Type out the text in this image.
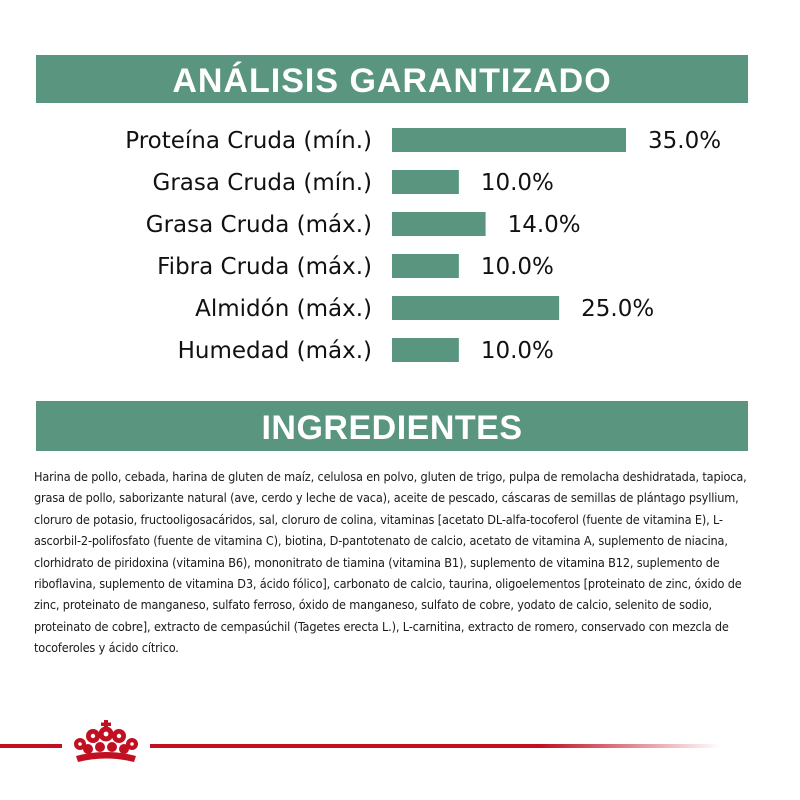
ANÁLISIS GARANTIZADO
Proteína Cruda (mín.)	35.0%
Grasa Cruda (mín.)	10.0%
Grasa Cruda (máx.)	14.0%
Fibra Cruda (máx.)	10.0%
Almidón (máx.)	25.0%
Humedad (máx.)	10.0%
INGREDIENTES
Harina de pollo, cebada, harina de gluten de maíz, celulosa en polvo, gluten de trigo, pulpa de remolacha deshidratada, tapioca, grasa de pollo, saborizante natural (ave, cerdo y leche de vaca), aceite de pescado, cáscaras de semillas de plántago psyllium, cloruro de potasio, fructooligosacáridos, sal, cloruro de colina, vitaminas [acetato DL-alfa-tocoferol (fuente de vitamina E), L-ascorbil-2-polifosfato (fuente de vitamina C), biotina, D-pantotenato de calcio, acetato de vitamina A, suplemento de niacina, clorhidrato de piridoxina (vitamina B6), mononitrato de tiamina (vitamina B1), suplemento de vitamina B12, suplemento de riboflavina, suplemento de vitamina D3, ácido fólico], carbonato de calcio, taurina, oligoelementos [proteinato de zinc, óxido de zinc, proteinato de manganeso, sulfato ferroso, óxido de manganeso, sulfato de cobre, yodato de calcio, selenito de sodio, proteinato de cobre], extracto de cempasúchil (Tagetes erecta L.), L-carnitina, extracto de romero, conservado con mezcla de tocoferoles y ácido cítrico.
